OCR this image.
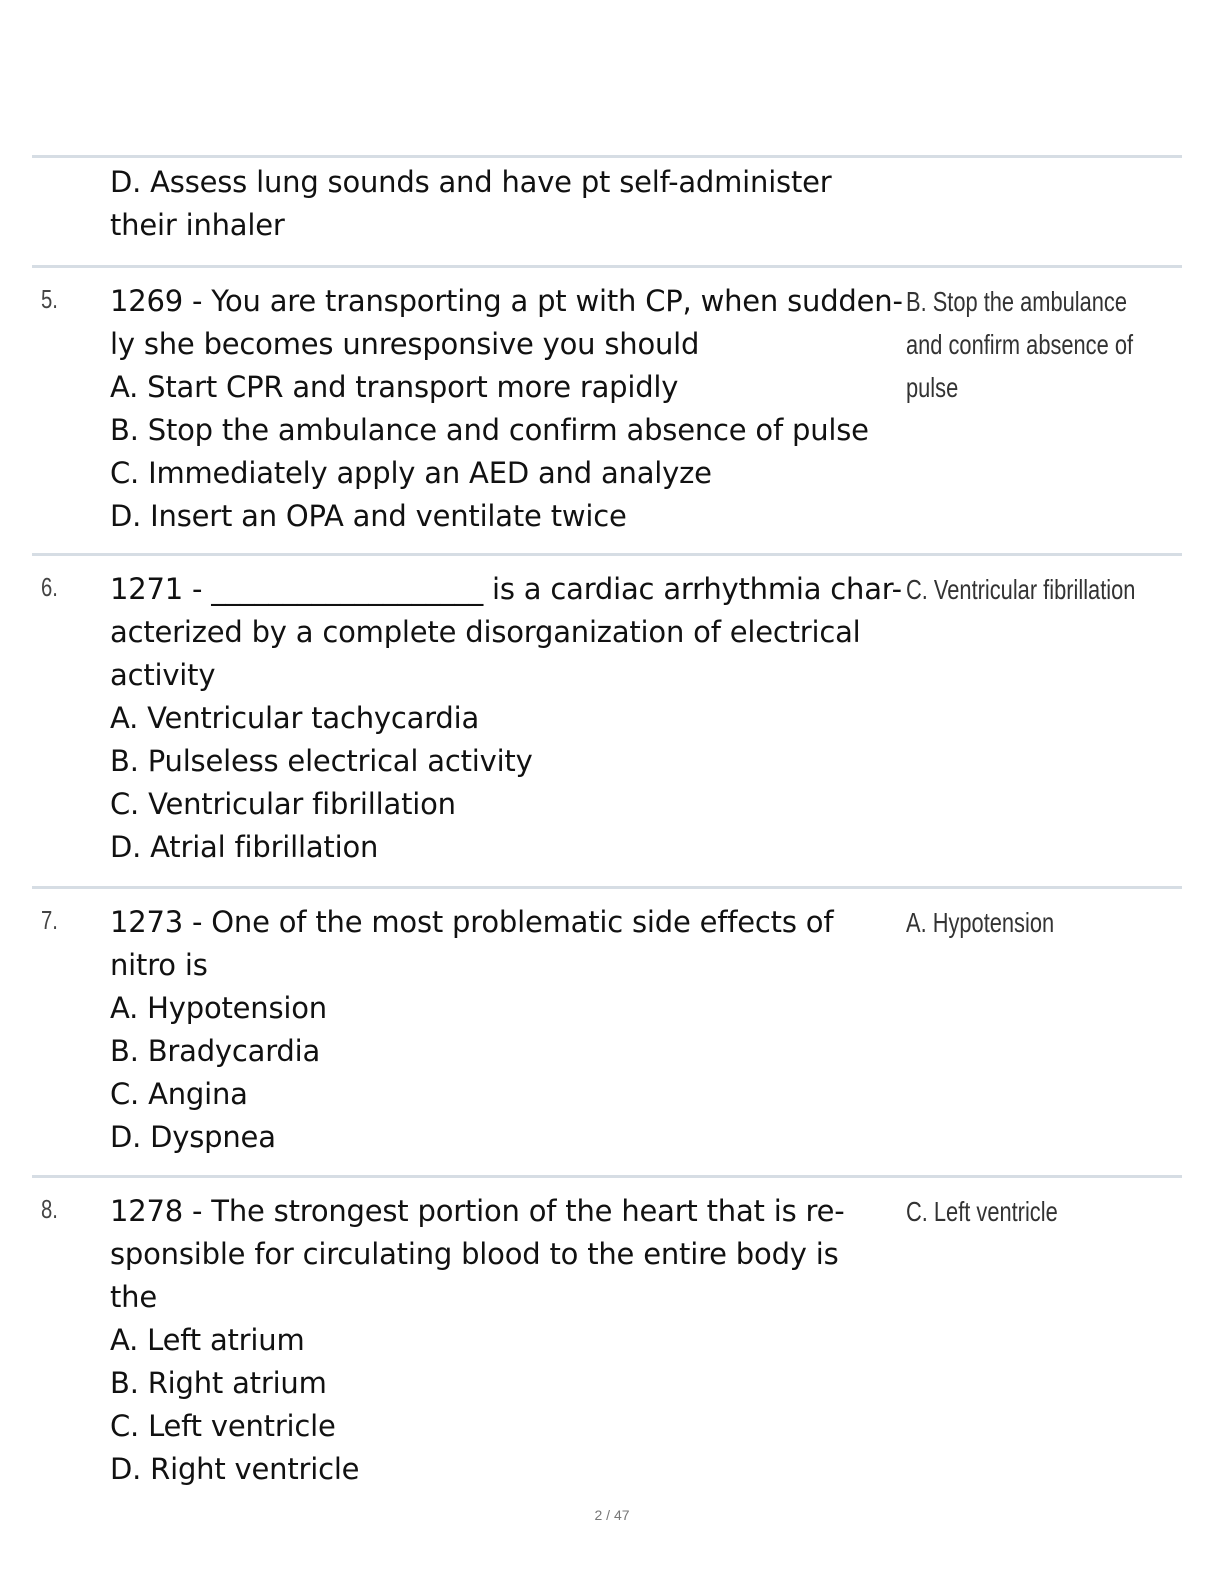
D. Assess lung sounds and have pt self-administer
their inhaler
5. 1269 - You are transporting a pt with CP, when sudden-
ly she becomes unresponsive you should
A. Start CPR and transport more rapidly
B. Stop the ambulance and confirm absence of pulse
C. Immediately apply an AED and analyze
D. Insert an OPA and ventilate twice
B. Stop the ambulance
and confirm absence of
pulse
6. 1271 - ___________________ is a cardiac arrhythmia char-
acterized by a complete disorganization of electrical
activity
A. Ventricular tachycardia
B. Pulseless electrical activity
C. Ventricular fibrillation
D. Atrial fibrillation
C. Ventricular fibrillation
7. 1273 - One of the most problematic side effects of
nitro is
A. Hypotension
B. Bradycardia
C. Angina
D. Dyspnea
A. Hypotension
8. 1278 - The strongest portion of the heart that is re-
sponsible for circulating blood to the entire body is
the
A. Left atrium
B. Right atrium
C. Left ventricle
D. Right ventricle
C. Left ventricle
2 / 47
